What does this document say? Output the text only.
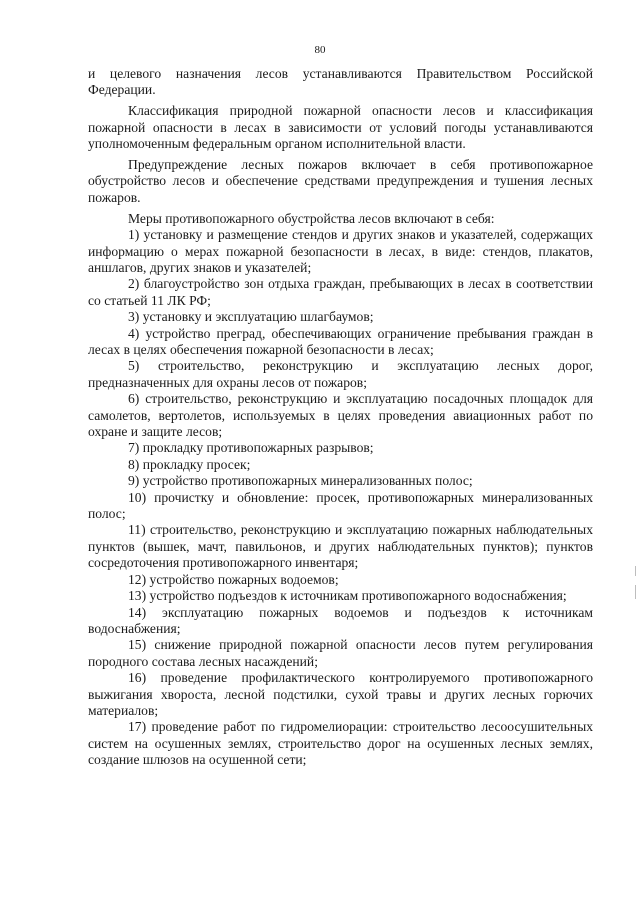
80

и целевого назначения лесов устанавливаются Правительством Российской Федерации.

Классификация природной пожарной опасности лесов и классификация пожарной опасности в лесах в зависимости от условий погоды устанавливаются уполномоченным федеральным органом исполнительной власти.

Предупреждение лесных пожаров включает в себя противопожарное обустройство лесов и обеспечение средствами предупреждения и тушения лесных пожаров.

Меры противопожарного обустройства лесов включают в себя:

1) установку и размещение стендов и других знаков и указателей, содержащих информацию о мерах пожарной безопасности в лесах, в виде: стендов, плакатов, аншлагов, других знаков и указателей;

2) благоустройство зон отдыха граждан, пребывающих в лесах в соответствии со статьей 11 ЛК РФ;

3) установку и эксплуатацию шлагбаумов;

4) устройство преград, обеспечивающих ограничение пребывания граждан в лесах в целях обеспечения пожарной безопасности в лесах;

5) строительство, реконструкцию и эксплуатацию лесных дорог, предназначенных для охраны лесов от пожаров;

6) строительство, реконструкцию и эксплуатацию посадочных площадок для самолетов, вертолетов, используемых в целях проведения авиационных работ по охране и защите лесов;

7) прокладку противопожарных разрывов;

8) прокладку просек;

9) устройство противопожарных минерализованных полос;

10) прочистку и обновление: просек, противопожарных минерализованных полос;

11) строительство, реконструкцию и эксплуатацию пожарных наблюдательных пунктов (вышек, мачт, павильонов, и других наблюдательных пунктов); пунктов сосредоточения противопожарного инвентаря;

12) устройство пожарных водоемов;

13) устройство подъездов к источникам противопожарного водоснабжения;

14) эксплуатацию пожарных водоемов и подъездов к источникам водоснабжения;

15) снижение природной пожарной опасности лесов путем регулирования породного состава лесных насаждений;

16) проведение профилактического контролируемого противопожарного выжигания хвороста, лесной подстилки, сухой травы и других лесных горючих материалов;

17) проведение работ по гидромелиорации: строительство лесоосушительных систем на осушенных землях, строительство дорог на осушенных лесных землях, создание шлюзов на осушенной сети;
